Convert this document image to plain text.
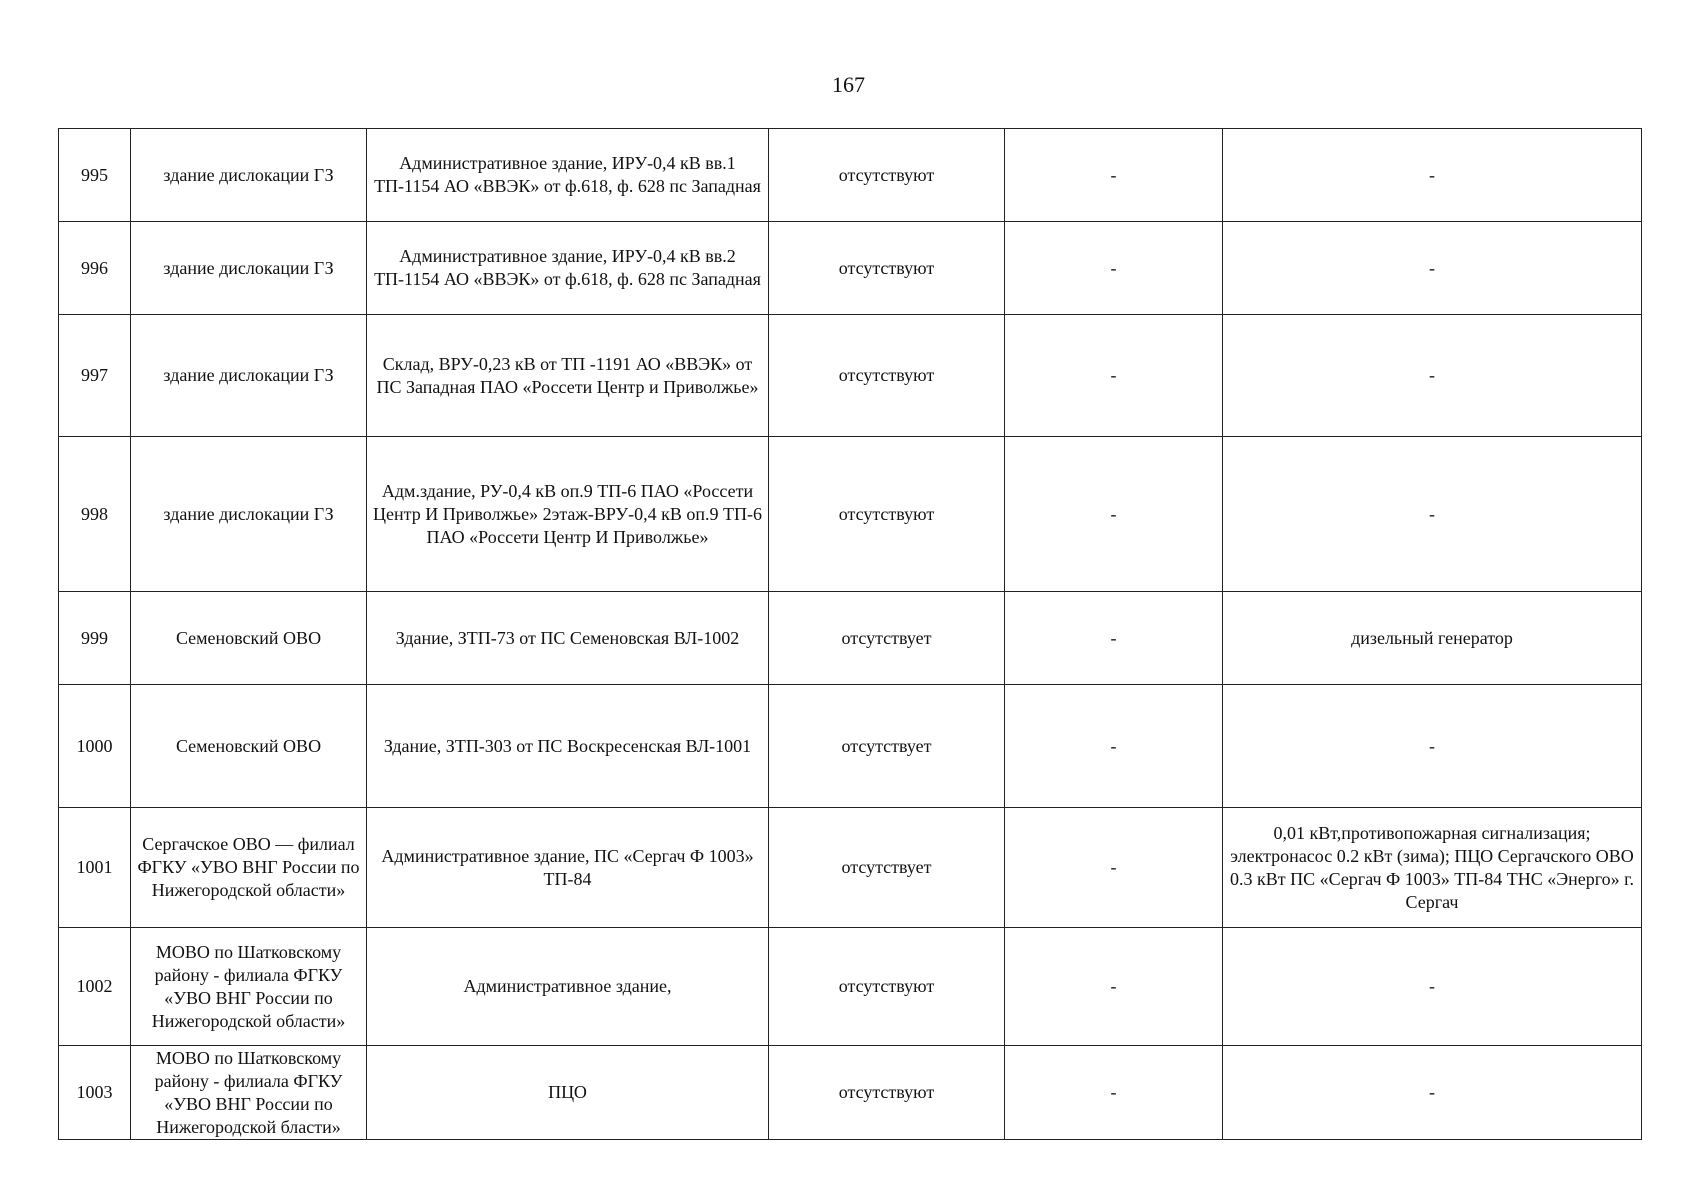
167
995	здание дислокации ГЗ	Административное здание, ИРУ-0,4 кВ вв.1 ТП-1154 АО «ВВЭК» от ф.618, ф. 628 пс Западная	отсутствуют	-	-
996	здание дислокации ГЗ	Административное здание, ИРУ-0,4 кВ вв.2 ТП-1154 АО «ВВЭК» от ф.618, ф. 628 пс Западная	отсутствуют	-	-
997	здание дислокации ГЗ	Склад, ВРУ-0,23 кВ от ТП -1191 АО «ВВЭК» от ПС Западная ПАО «Россети Центр и Приволжье»	отсутствуют	-	-
998	здание дислокации ГЗ	Адм.здание, РУ-0,4 кВ оп.9 ТП-6 ПАО «Россети Центр И Приволжье» 2этаж-ВРУ-0,4 кВ оп.9 ТП-6 ПАО «Россети Центр И Приволжье»	отсутствуют	-	-
999	Семеновский ОВО	Здание, ЗТП-73 от ПС Семеновская ВЛ-1002	отсутствует	-	дизельный генератор
1000	Семеновский ОВО	Здание, ЗТП-303 от ПС Воскресенская ВЛ-1001	отсутствует	-	-
1001	Сергачское ОВО — филиал ФГКУ «УВО ВНГ России по Нижегородской области»	Административное здание, ПС «Сергач Ф 1003» ТП-84	отсутствует	-	0,01 кВт,противопожарная сигнализация; электронасос 0.2 кВт (зима); ПЦО Сергачского ОВО 0.3 кВт ПС «Сергач Ф 1003» ТП-84 ТНС «Энерго» г. Сергач
1002	МОВО по Шатковскому району - филиала ФГКУ «УВО ВНГ России по Нижегородской области»	Административное здание,	отсутствуют	-	-
1003	МОВО по Шатковскому району - филиала ФГКУ «УВО ВНГ России по Нижегородской бласти»	ПЦО	отсутствуют	-	-
